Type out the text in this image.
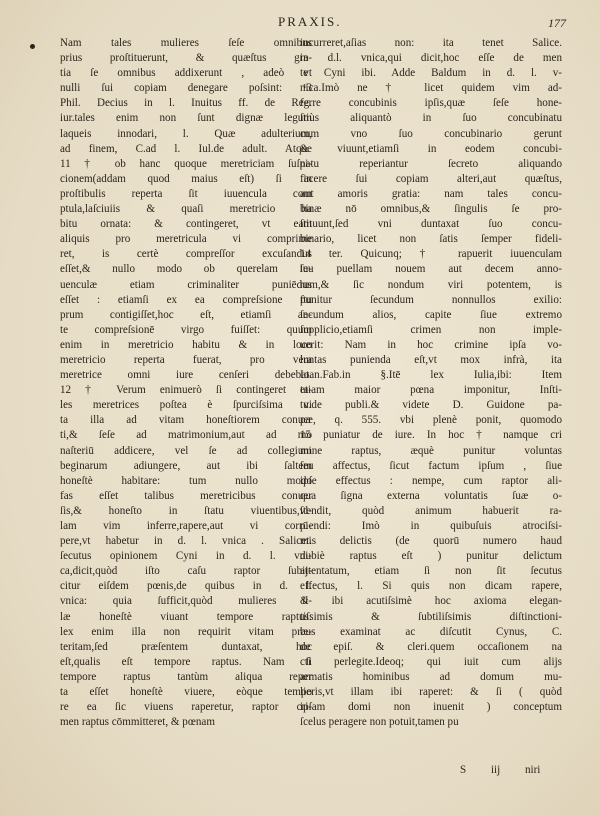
PRAXIS.	177
Nam tales mulieres ſeſe omnibus
prius proſtituerunt, & quæſtus gra-
tia ſe omnibus addixerunt , adeò vt
nulli ſui copiam denegare poſsint: ¹3
Phil. Decius in l. Inuitus ff. de Reg.
iur.tales enim non ſunt dignæ legum
laqueis innodari, l. Quæ adulterium,
ad finem, C.ad l. Iul.de adult. Atque
11 † ob hanc quoque meretriciam ſuſpi-
cionem(addam quod maius eſt) ſi in
proſtibulis reperta ſit iuuencula com
ptula,laſciuiis & quaſi meretricio ha
bitu ornata: & contingeret, vt eam
aliquis pro meretricula vi comprime
ret, is certè compreſſor excuſandus
eſſet,& nullo modo ob querelam iu-
uenculæ etiam criminaliter puniēdus
eſſet : etiamſi ex ea compreſsione ſtu
prum contigiſſet,hoc eſt, etiamſi an-
te compreſsionē virgo fuiſſet: quum
enim in meretricio habitu & in loco
meretricio reperta fuerat, pro vera
meretrice omni iure cenſeri debebat.
12 † Verum enimuerò ſi contingeret ta-
les meretrices poſtea è ſpurciſsima vi
ta illa ad vitam honeſtiorem conuer
ti,& ſeſe ad matrimonium,aut ad mo
naſteriū addicere, vel ſe ad collegium
beginarum adiungere, aut ibi ſaltem
honeſtè habitare: tum nullo modo
fas eſſet talibus meretricibus conuer
ſis,& honeſto in ſtatu viuentibus,vl-
lam vim inferre,rapere,aut vi corrū-
pere,vt habetur in d. l. vnica . Salicet.
ſecutus opinionem Cyni in d. l. vni-
ca,dicit,quòd iſto caſu raptor ſubij-
citur eiſdem pœnis,de quibus in d. l.
vnica: quia ſufficit,quòd mulieres il-
læ honeſtè viuant tempore raptus:
lex enim illa non requirit vitam præ-
teritam,ſed præſentem duntaxat, hoc
eſt,qualis eſt tempore raptus. Nam ſi
tempore raptus tantùm aliqua reper
ta eſſet honeſtè viuere, eòque tempo
re ea ſic viuens raperetur, raptor cri-
men raptus cōmmitteret, & pœnam
incurreret,aſias non: ita tenet Salice.
in d.l. vnica,qui dicit,hoc eſſe de men
te Cyni ibi. Adde Baldum in d. l. v-
nica.Imò ne † licet quidem vim ad-
ferre concubinis ipſis,quæ ſeſe hone-
ſtiùs aliquantò in ſuo concubinatu
cum vno ſuo concubinario gerunt
& viuunt,etiamſi in eodem concubi-
natu reperiantur ſecreto aliquando
facere ſui copiam alteri,aut quæſtus,
aut amoris gratia: nam tales concu-
binæ nō omnibus,& ſingulis ſe pro-
ſtituunt,ſed vni duntaxat ſuo concu-
binario, licet non ſatis ſemper fideli-
14 ter. Quicunq; † rapuerit iuuenculam
ſeu puellam nouem aut decem anno-
rum,& ſic nondum viri potentem, is
punitur ſecundum nonnullos exilio:
ſecundum alios, capite ſiue extremo
ſupplicio,etiamſi crimen non imple-
uerit: Nam in hoc crimine ipſa vo-
luntas punienda eſt,vt mox infrà, ita
Ioan.Fab.in §.Itē lex Iulia,ibi: Item
etiam maior pœna imponitur, Inſti-
tu.de publi.& videte D. Guidone pa-
pæ, q. 555. vbi plenè ponit, quomodo
15 puniatur de iure. In hoc † namque cri
mine raptus, æquè punitur voluntas
ſeu affectus, ſicut factum ipſum , ſiue
ipſe effectus : nempe, cum raptor ali-
qua ſigna externa voluntatis ſuæ o-
ſtendit, quòd animum habuerit ra-
piendi: Imò in quibuſuis atrociſsi-
mis delictis (de quorū numero haud
dubiè raptus eſt ) punitur delictum
attentatum, etiam ſi non ſit ſecutus
effectus, l. Si quis non dicam rapere,
& ibi acutiſsimè hoc axioma elegan-
tiſsimis & ſubtiliſsimis diſtinctioni-
bus examinat ac diſcutit Cynus, C.
de epiſ. & cleri.quem occaſionem na
ctì perlegite.Ideoq; qui iuit cum alijs
armatis hominibus ad domum mu-
lieris,vt illam ibi raperet: & ſi ( quòd
ipſam domi non inuenit ) conceptum
ſcelus peragere non potuit,tamen pu
S iij niri
